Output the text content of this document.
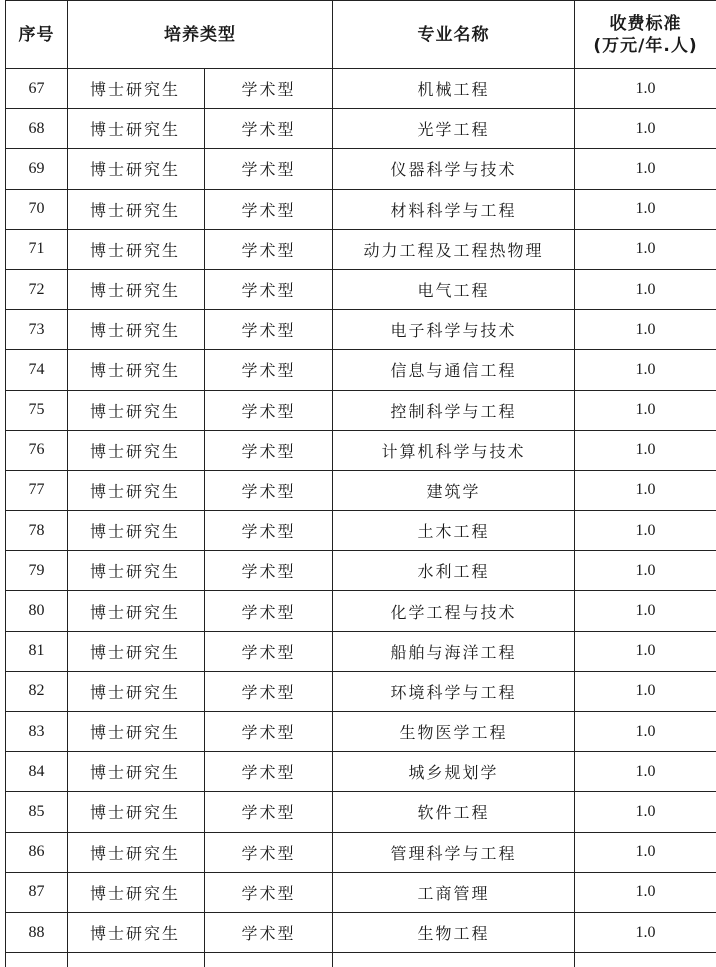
序号	培养类型		专业名称	收费标准
(万元/年.人)

67	博士研究生	学术型	机械工程	1.0
68	博士研究生	学术型	光学工程	1.0
69	博士研究生	学术型	仪器科学与技术	1.0
70	博士研究生	学术型	材料科学与工程	1.0
71	博士研究生	学术型	动力工程及工程热物理	1.0
72	博士研究生	学术型	电气工程	1.0
73	博士研究生	学术型	电子科学与技术	1.0
74	博士研究生	学术型	信息与通信工程	1.0
75	博士研究生	学术型	控制科学与工程	1.0
76	博士研究生	学术型	计算机科学与技术	1.0
77	博士研究生	学术型	建筑学	1.0
78	博士研究生	学术型	土木工程	1.0
79	博士研究生	学术型	水利工程	1.0
80	博士研究生	学术型	化学工程与技术	1.0
81	博士研究生	学术型	船舶与海洋工程	1.0
82	博士研究生	学术型	环境科学与工程	1.0
83	博士研究生	学术型	生物医学工程	1.0
84	博士研究生	学术型	城乡规划学	1.0
85	博士研究生	学术型	软件工程	1.0
86	博士研究生	学术型	管理科学与工程	1.0
87	博士研究生	学术型	工商管理	1.0
88	博士研究生	学术型	生物工程	1.0
